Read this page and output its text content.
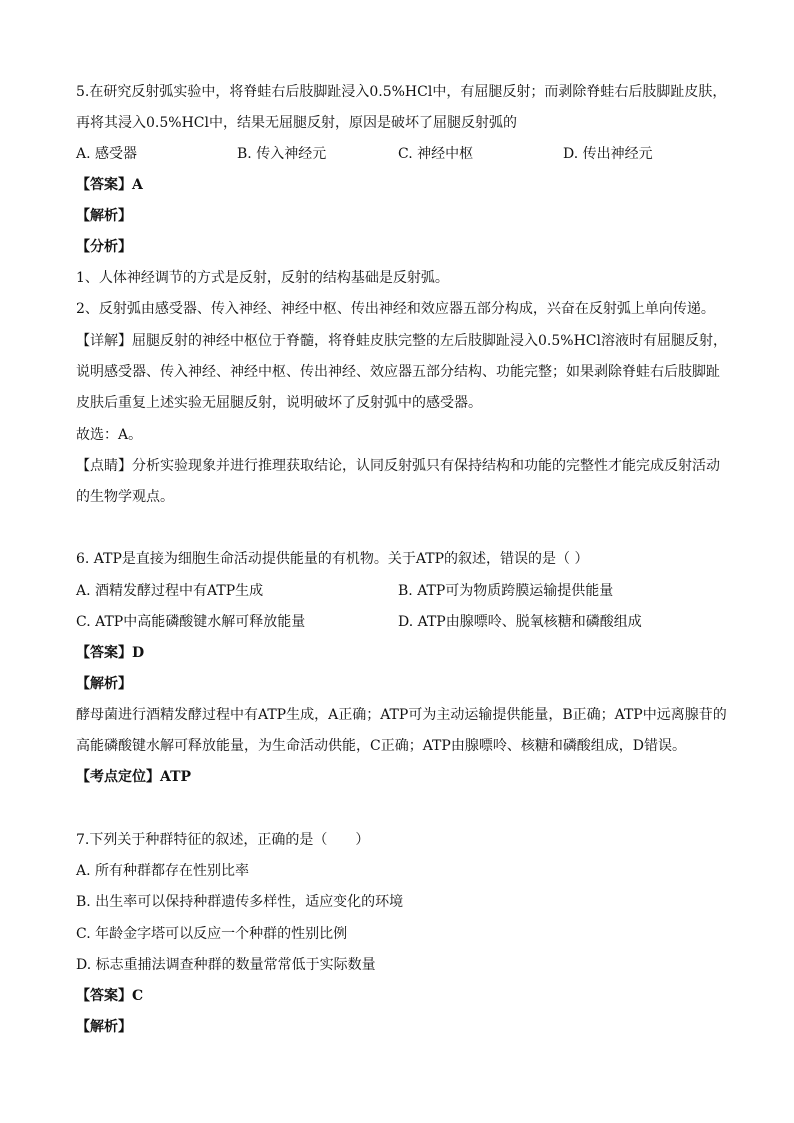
5.在研究反射弧实验中，将脊蛙右后肢脚趾浸入0.5%HCl中，有屈腿反射；而剥除脊蛙右后肢脚趾皮肤，
再将其浸入0.5%HCl中，结果无屈腿反射，原因是破坏了屈腿反射弧的
A. 感受器	B. 传入神经元	C. 神经中枢	D. 传出神经元
【答案】A
【解析】
【分析】
1、人体神经调节的方式是反射，反射的结构基础是反射弧。
2、反射弧由感受器、传入神经、神经中枢、传出神经和效应器五部分构成，兴奋在反射弧上单向传递。
【详解】屈腿反射的神经中枢位于脊髓，将脊蛙皮肤完整的左后肢脚趾浸入0.5%HCl溶液时有屈腿反射，
说明感受器、传入神经、神经中枢、传出神经、效应器五部分结构、功能完整；如果剥除脊蛙右后肢脚趾
皮肤后重复上述实验无屈腿反射，说明破坏了反射弧中的感受器。
故选：A。
【点睛】分析实验现象并进行推理获取结论，认同反射弧只有保持结构和功能的完整性才能完成反射活动
的生物学观点。
6. ATP是直接为细胞生命活动提供能量的有机物。关于ATP的叙述，错误的是（ ）
A. 酒精发酵过程中有ATP生成	B. ATP可为物质跨膜运输提供能量
C. ATP中高能磷酸键水解可释放能量	D. ATP由腺嘌呤、脱氧核糖和磷酸组成
【答案】D
【解析】
酵母菌进行酒精发酵过程中有ATP生成，A正确；ATP可为主动运输提供能量，B正确；ATP中远离腺苷的
高能磷酸键水解可释放能量，为生命活动供能，C正确；ATP由腺嘌呤、核糖和磷酸组成，D错误。
【考点定位】ATP
7.下列关于种群特征的叙述，正确的是（　　）
A. 所有种群都存在性别比率
B. 出生率可以保持种群遗传多样性，适应变化的环境
C. 年龄金字塔可以反应一个种群的性别比例
D. 标志重捕法调查种群的数量常常低于实际数量
【答案】C
【解析】
